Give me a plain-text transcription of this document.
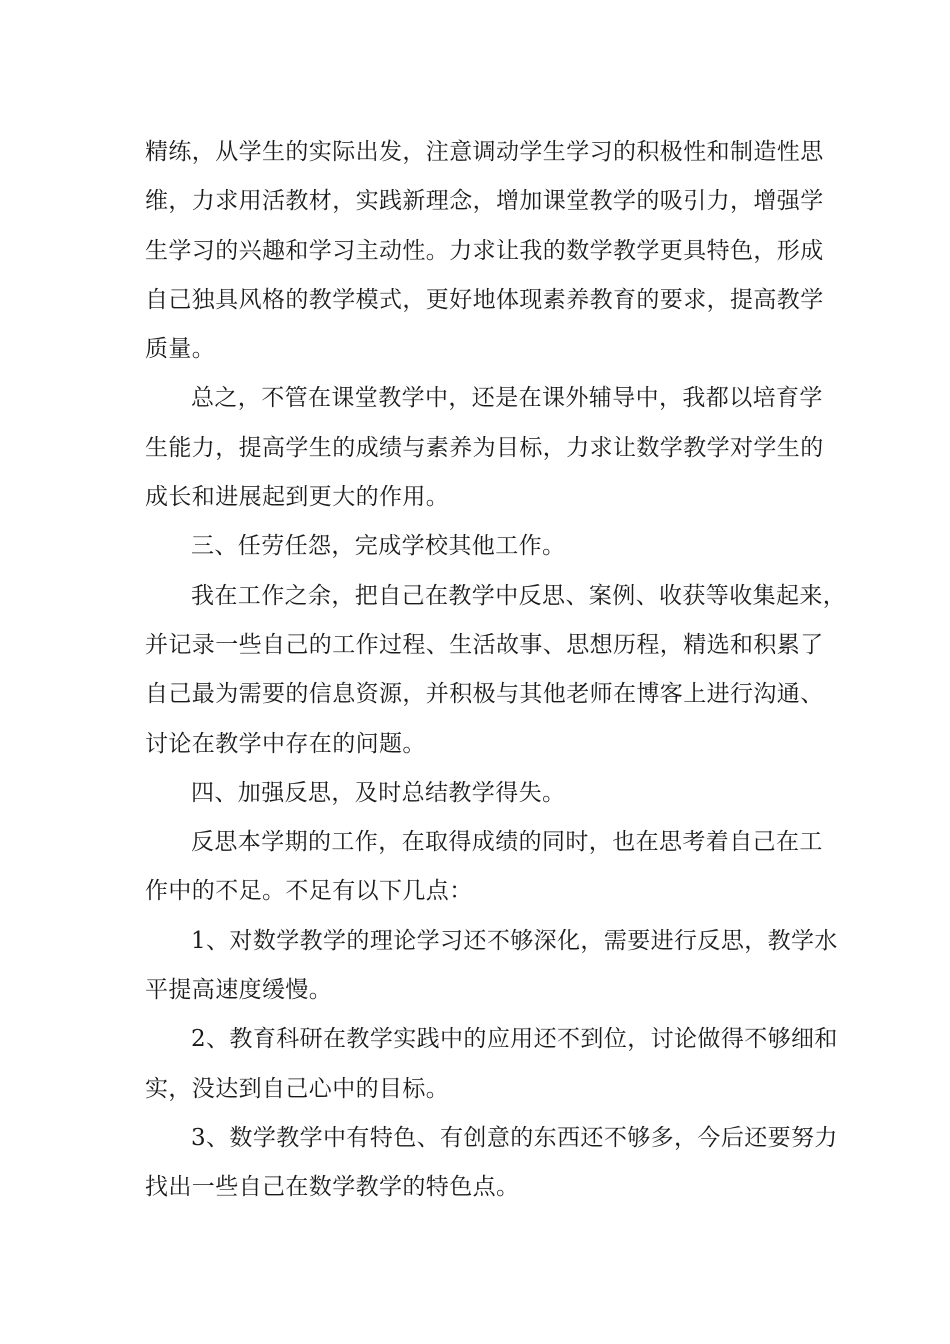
精练，从学生的实际出发，注意调动学生学习的积极性和制造性思
维，力求用活教材，实践新理念，增加课堂教学的吸引力，增强学
生学习的兴趣和学习主动性。力求让我的数学教学更具特色，形成
自己独具风格的教学模式，更好地体现素养教育的要求，提高教学
质量。
总之，不管在课堂教学中，还是在课外辅导中，我都以培育学
生能力，提高学生的成绩与素养为目标，力求让数学教学对学生的
成长和进展起到更大的作用。
三、任劳任怨，完成学校其他工作。
我在工作之余，把自己在教学中反思、案例、收获等收集起来，
并记录一些自己的工作过程、生活故事、思想历程，精选和积累了
自己最为需要的信息资源，并积极与其他老师在博客上进行沟通、
讨论在教学中存在的问题。
四、加强反思，及时总结教学得失。
反思本学期的工作，在取得成绩的同时，也在思考着自己在工
作中的不足。不足有以下几点：
1、对数学教学的理论学习还不够深化，需要进行反思，教学水
平提高速度缓慢。
2、教育科研在教学实践中的应用还不到位，讨论做得不够细和
实，没达到自己心中的目标。
3、数学教学中有特色、有创意的东西还不够多，今后还要努力
找出一些自己在数学教学的特色点。
